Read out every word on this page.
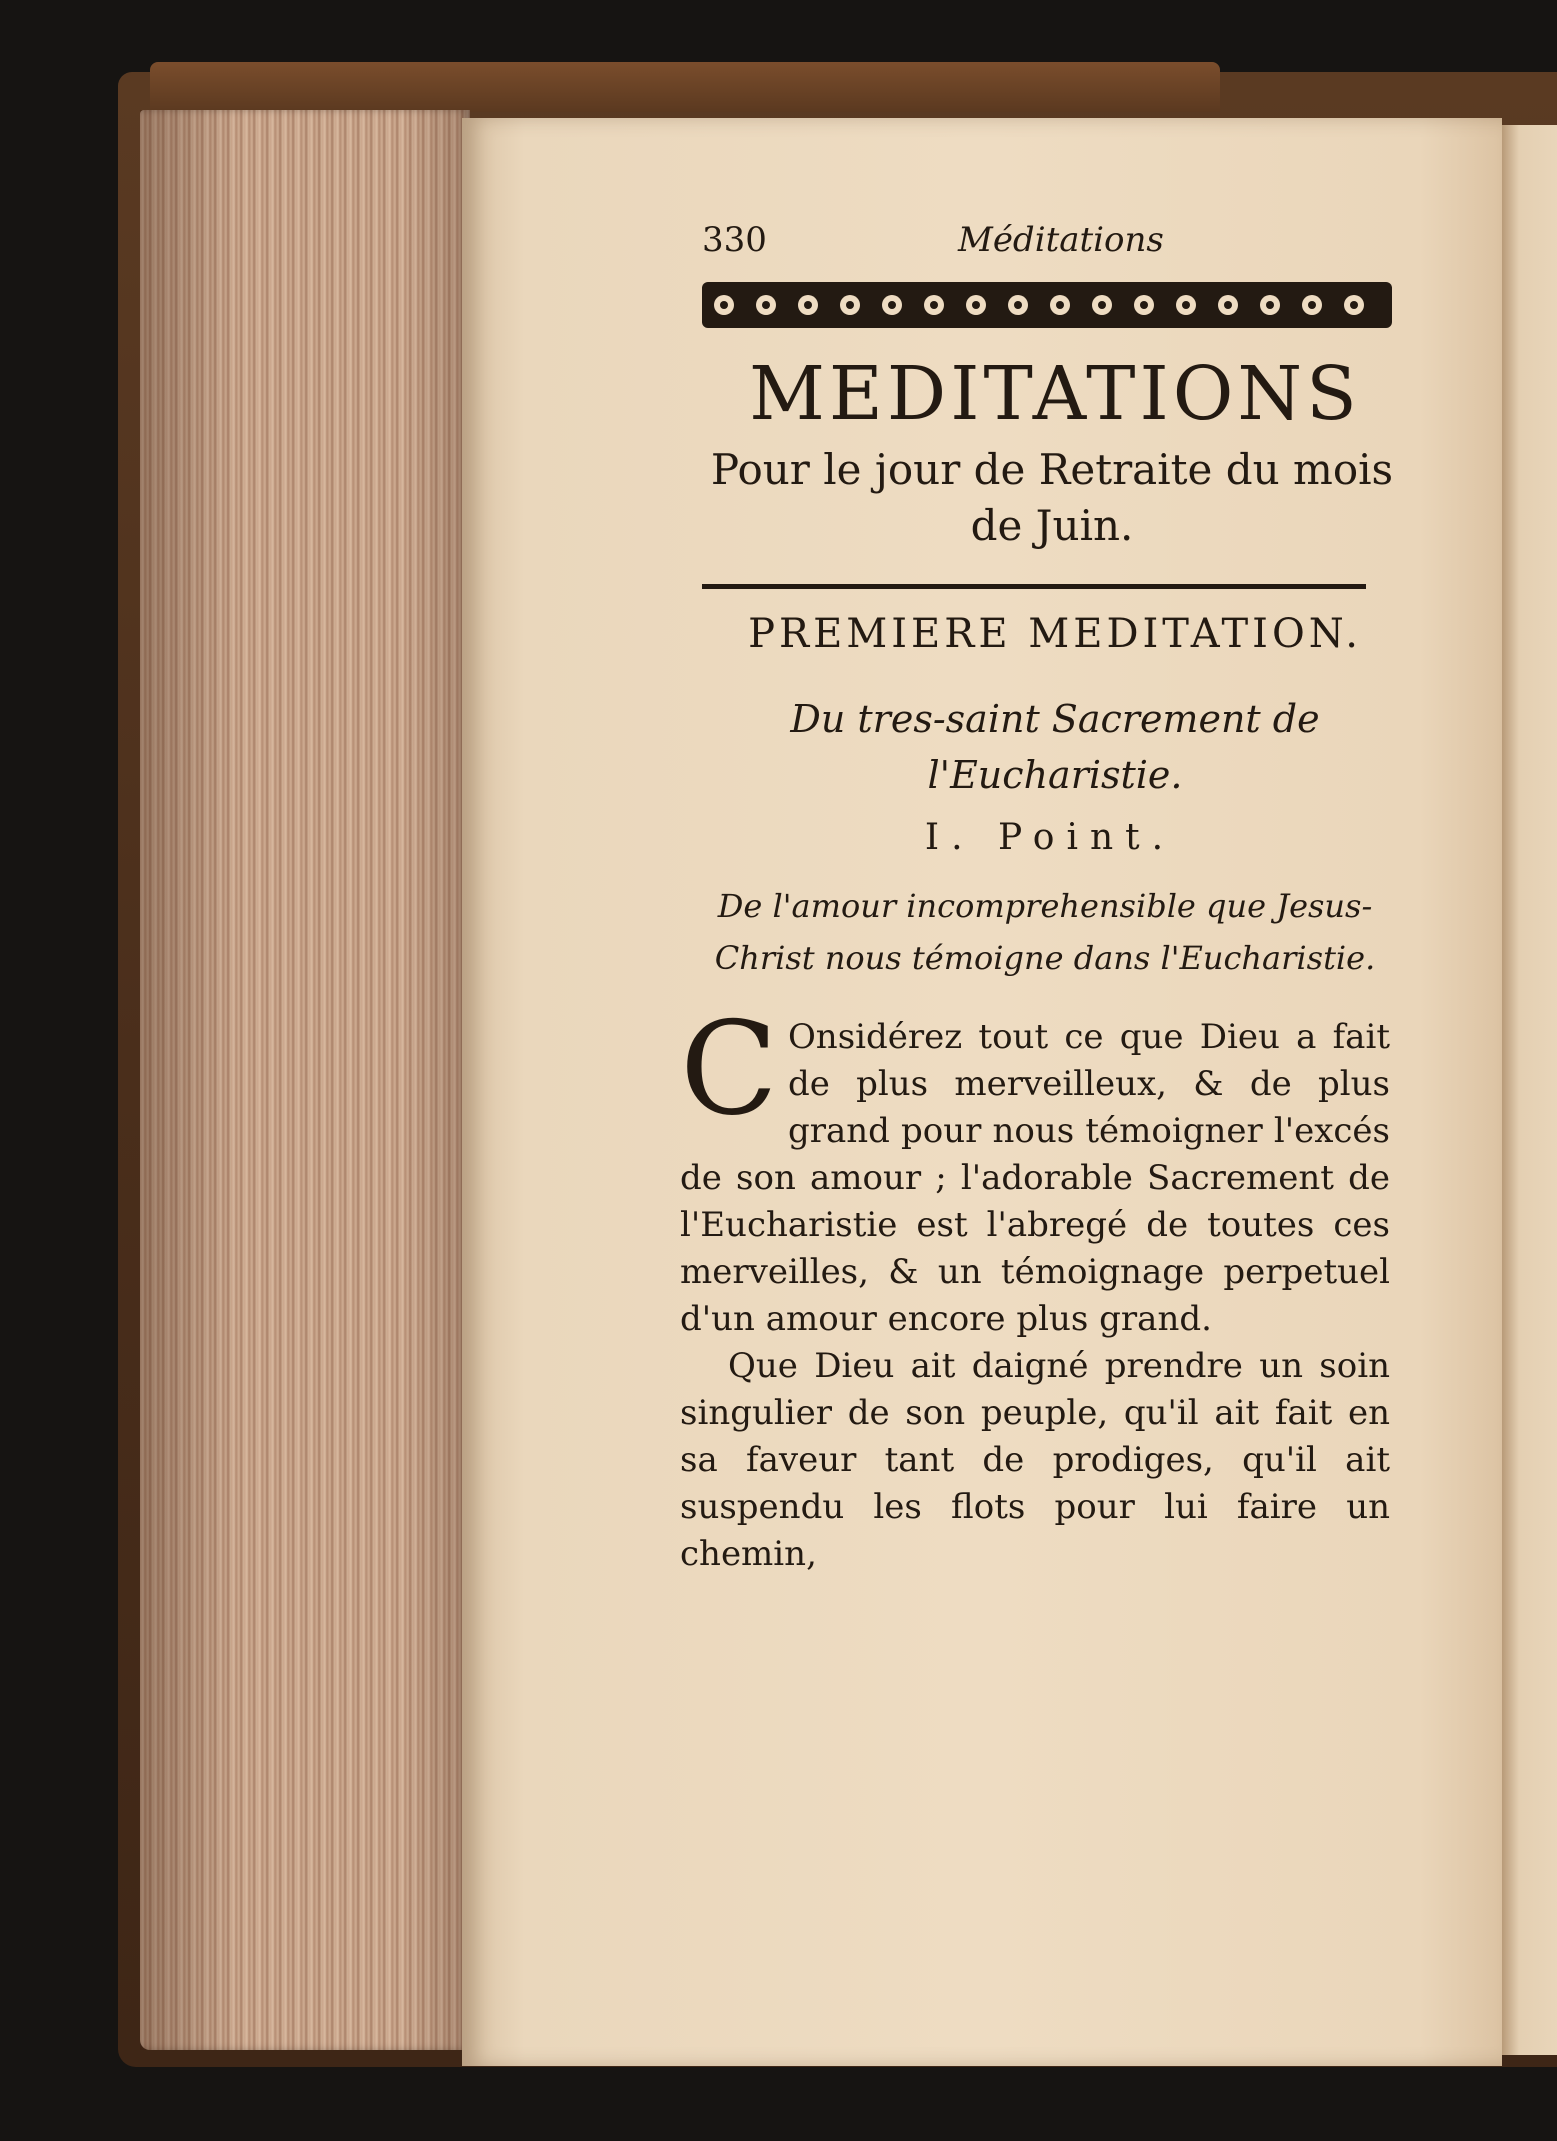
330	Méditations
MEDITATIONS
Pour le jour de Retraite du mois de Juin.
PREMIERE MEDITATION.
Du tres-saint Sacrement de l'Eucharistie.
I. Point.
De l'amour incomprehensible que Jesus-Christ nous témoigne dans l'Eucharistie.

C Onsidérez tout ce que Dieu a fait de plus merveilleux, & de plus grand pour nous témoigner l'excés de son amour ; l'adorable Sacrement de l'Eucharistie est l'abregé de toutes ces merveilles, & un témoignage perpetuel d'un amour encore plus grand.

Que Dieu ait daigné prendre un soin singulier de son peuple, qu'il ait fait en sa faveur tant de prodiges, qu'il ait suspendu les flots pour lui faire un chemin,
